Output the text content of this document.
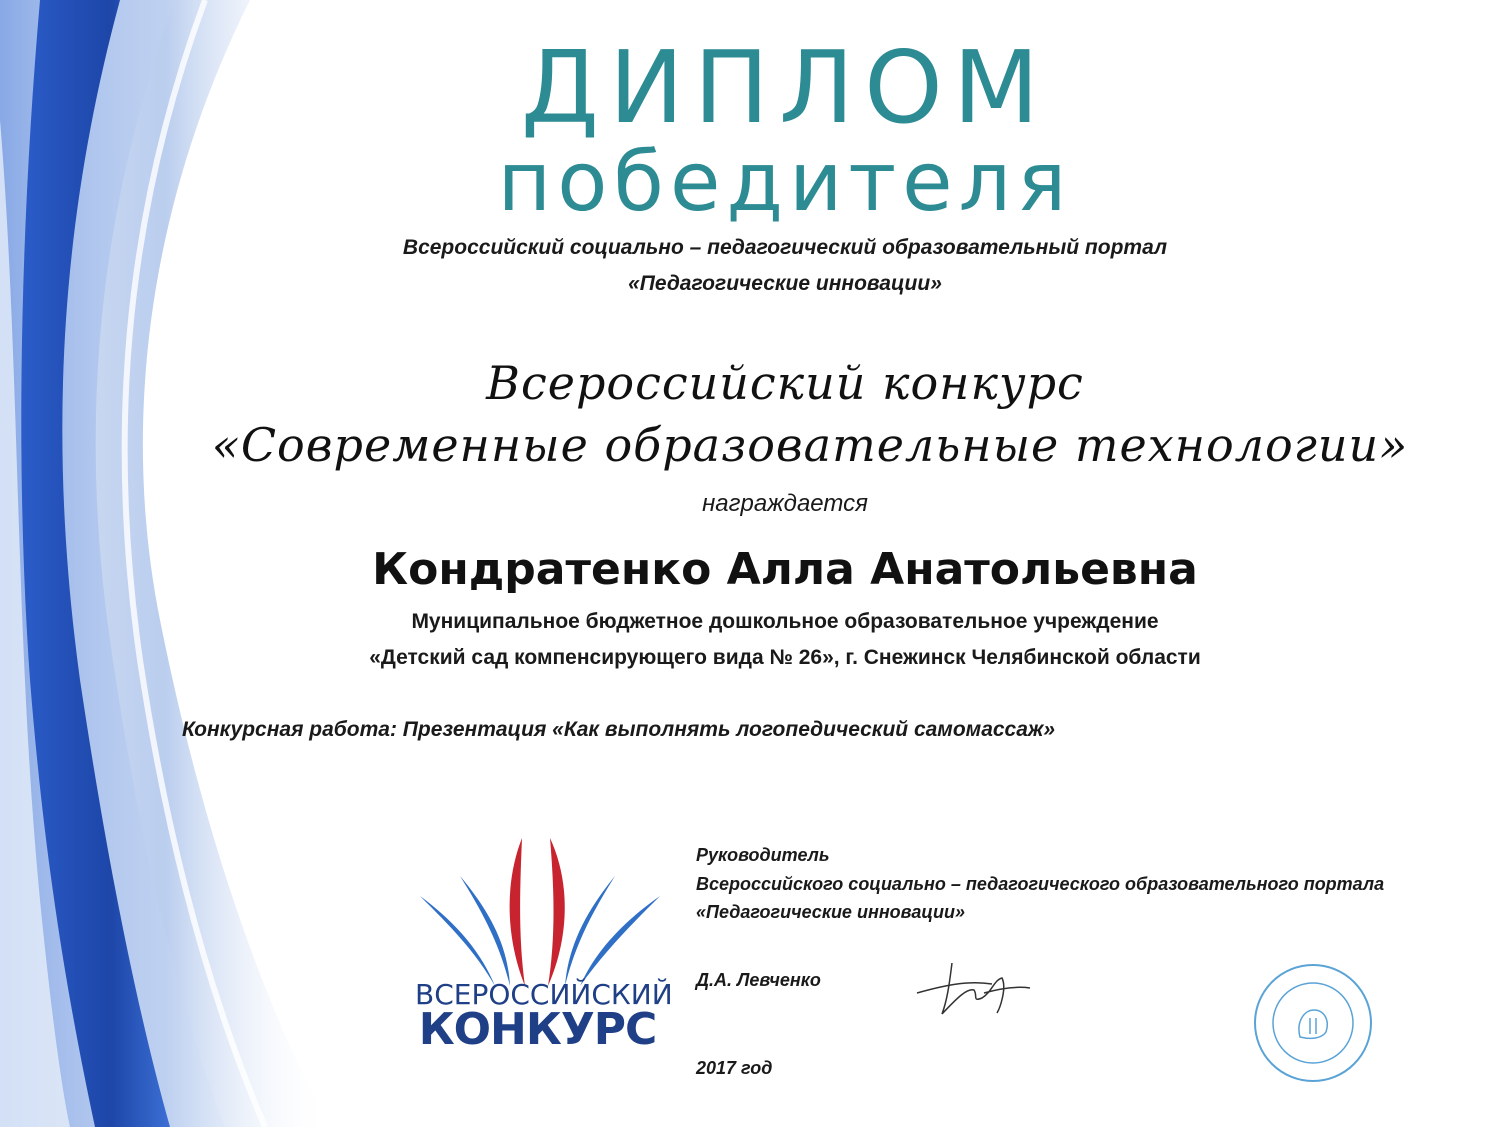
ДИПЛОМ
победителя
Всероссийский социально – педагогический образовательный портал
«Педагогические инновации»
Всероссийский конкурс
«Современные образовательные технологии»
награждается
Кондратенко Алла Анатольевна
Муниципальное бюджетное дошкольное образовательное учреждение
«Детский сад компенсирующего вида № 26», г. Снежинск Челябинской области
Конкурсная работа: Презентация «Как выполнять логопедический самомассаж»
ВСЕРОССИЙСКИЙ
КОНКУРС
Руководитель
Всероссийского социально – педагогического образовательного портала
«Педагогические инновации»
Д.А. Левченко
2017 год
